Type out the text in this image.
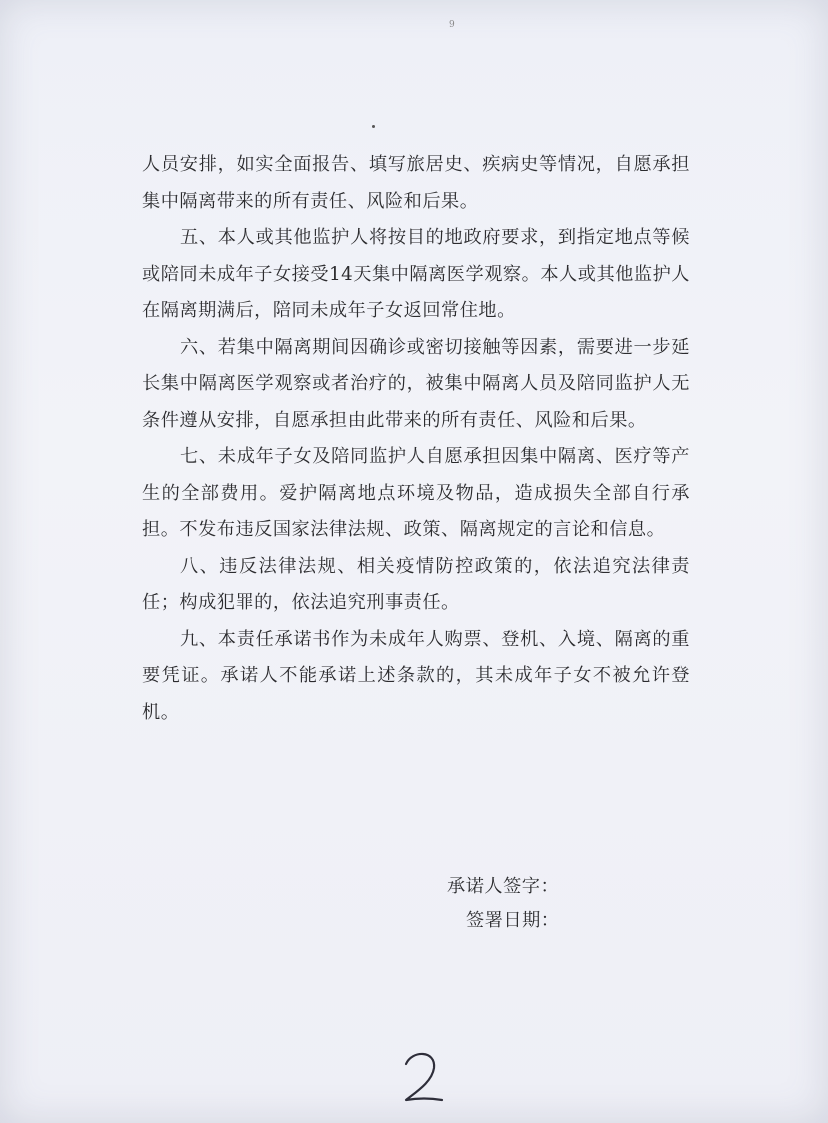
9

人员安排，如实全面报告、填写旅居史、疾病史等情况，自愿承担集中隔离带来的所有责任、风险和后果。

五、本人或其他监护人将按目的地政府要求，到指定地点等候或陪同未成年子女接受14天集中隔离医学观察。本人或其他监护人在隔离期满后，陪同未成年子女返回常住地。

六、若集中隔离期间因确诊或密切接触等因素，需要进一步延长集中隔离医学观察或者治疗的，被集中隔离人员及陪同监护人无条件遵从安排，自愿承担由此带来的所有责任、风险和后果。

七、未成年子女及陪同监护人自愿承担因集中隔离、医疗等产生的全部费用。爱护隔离地点环境及物品，造成损失全部自行承担。不发布违反国家法律法规、政策、隔离规定的言论和信息。

八、违反法律法规、相关疫情防控政策的，依法追究法律责任；构成犯罪的，依法追究刑事责任。

九、本责任承诺书作为未成年人购票、登机、入境、隔离的重要凭证。承诺人不能承诺上述条款的，其未成年子女不被允许登机。

承诺人签字：
签署日期：
